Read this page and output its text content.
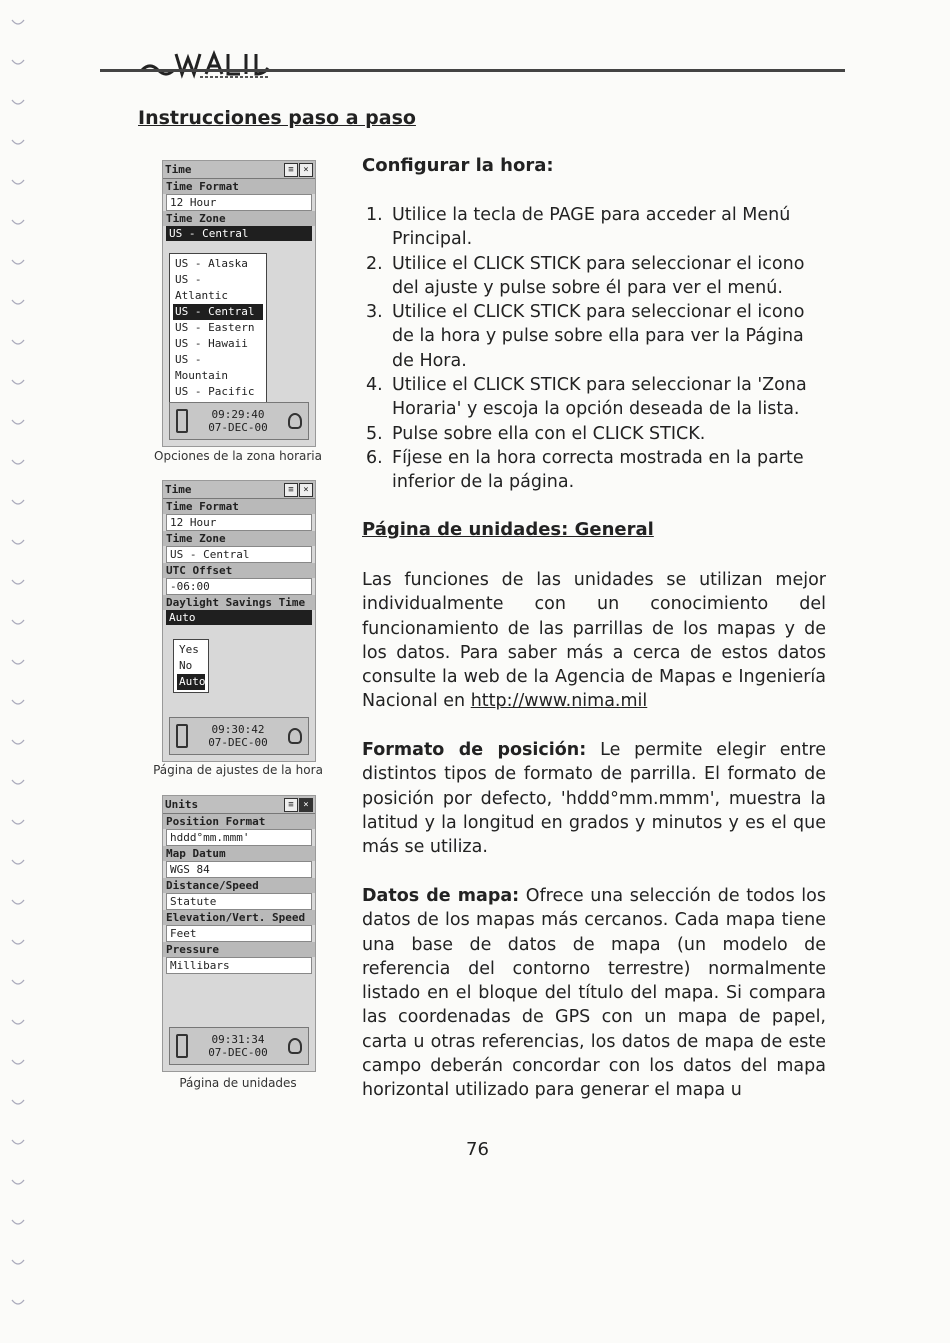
Instrucciones paso a paso
Time	≡	×
Time Format
12 Hour
Time Zone
US - Central
US - Alaska
US - Atlantic
US - Central
US - Eastern
US - Hawaii
US - Mountain
US - Pacific
09:29:40
07-DEC-00
Opciones de la zona horaria
Time	≡	×
Time Format
12 Hour
Time Zone
US - Central
UTC Offset
-06:00
Daylight Savings Time
Auto
Yes
No
Auto
09:30:42
07-DEC-00
Página de ajustes de la hora
Units	≡	×
Position Format
hddd°mm.mmm'
Map Datum
WGS 84
Distance/Speed
Statute
Elevation/Vert. Speed
Feet
Pressure
Millibars
09:31:34
07-DEC-00
Página de unidades
Configurar la hora:
1. Utilice la tecla de PAGE para acceder al Menú Principal.
2. Utilice el CLICK STICK para seleccionar el icono del ajuste y pulse sobre él para ver el menú.
3. Utilice el CLICK STICK para seleccionar el icono de la hora y pulse sobre ella para ver la Página de Hora.
4. Utilice el CLICK STICK para seleccionar la 'Zona Horaria' y escoja la opción deseada de la lista.
5. Pulse sobre ella con el CLICK STICK.
6. Fíjese en la hora correcta mostrada en la parte inferior de la página.
Página de unidades: General

Las funciones de las unidades se utilizan mejor individualmente con un conocimiento del funcionamiento de las parrillas de los mapas y de los datos. Para saber más a cerca de estos datos consulte la web de la Agencia de Mapas e Ingeniería Nacional en http://www.nima.mil

Formato de posición: Le permite elegir entre distintos tipos de formato de parrilla. El formato de posición por defecto, 'hddd°mm.mmm', muestra la latitud y la longitud en grados y minutos y es el que más se utiliza.

Datos de mapa: Ofrece una selección de todos los datos de los mapas más cercanos. Cada mapa tiene una base de datos de mapa (un modelo de referencia del contorno terrestre) normalmente listado en el bloque del título del mapa. Si compara las coordenadas de GPS con un mapa de papel, carta u otras referencias, los datos de mapa de este campo deberán concordar con los datos del mapa horizontal utilizado para generar el mapa u

76
